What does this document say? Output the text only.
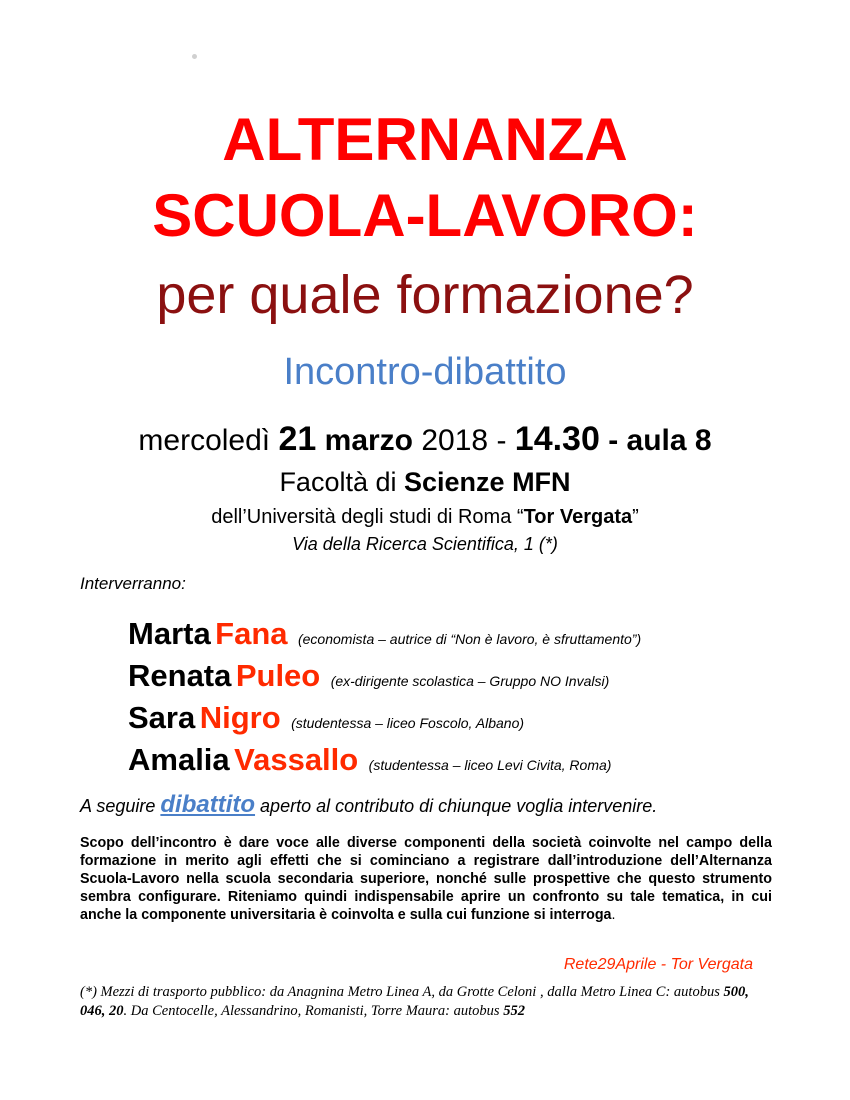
ALTERNANZA
SCUOLA-LAVORO:
per quale formazione?
Incontro-dibattito
mercoledì 21 marzo 2018 - 14.30 - aula 8
Facoltà di Scienze MFN
dell’Università degli studi di Roma “Tor Vergata”
Via della Ricerca Scientifica, 1 (*)
Interverranno:
Marta Fana (economista – autrice di “Non è lavoro, è sfruttamento”)
Renata Puleo (ex-dirigente scolastica – Gruppo NO Invalsi)
Sara Nigro (studentessa – liceo Foscolo, Albano)
Amalia Vassallo (studentessa – liceo Levi Civita, Roma)
A seguire dibattito aperto al contributo di chiunque voglia intervenire.
Scopo dell’incontro è dare voce alle diverse componenti della società coinvolte nel campo della formazione in merito agli effetti che si cominciano a registrare dall’introduzione dell’Alternanza Scuola-Lavoro nella scuola secondaria superiore, nonché sulle prospettive che questo strumento sembra configurare. Riteniamo quindi indispensabile aprire un confronto su tale tematica, in cui anche la componente universitaria è coinvolta e sulla cui funzione si interroga.
Rete29Aprile - Tor Vergata
(*) Mezzi di trasporto pubblico: da Anagnina Metro Linea A, da Grotte Celoni , dalla Metro Linea C: autobus 500, 046, 20. Da Centocelle, Alessandrino, Romanisti, Torre Maura: autobus 552
